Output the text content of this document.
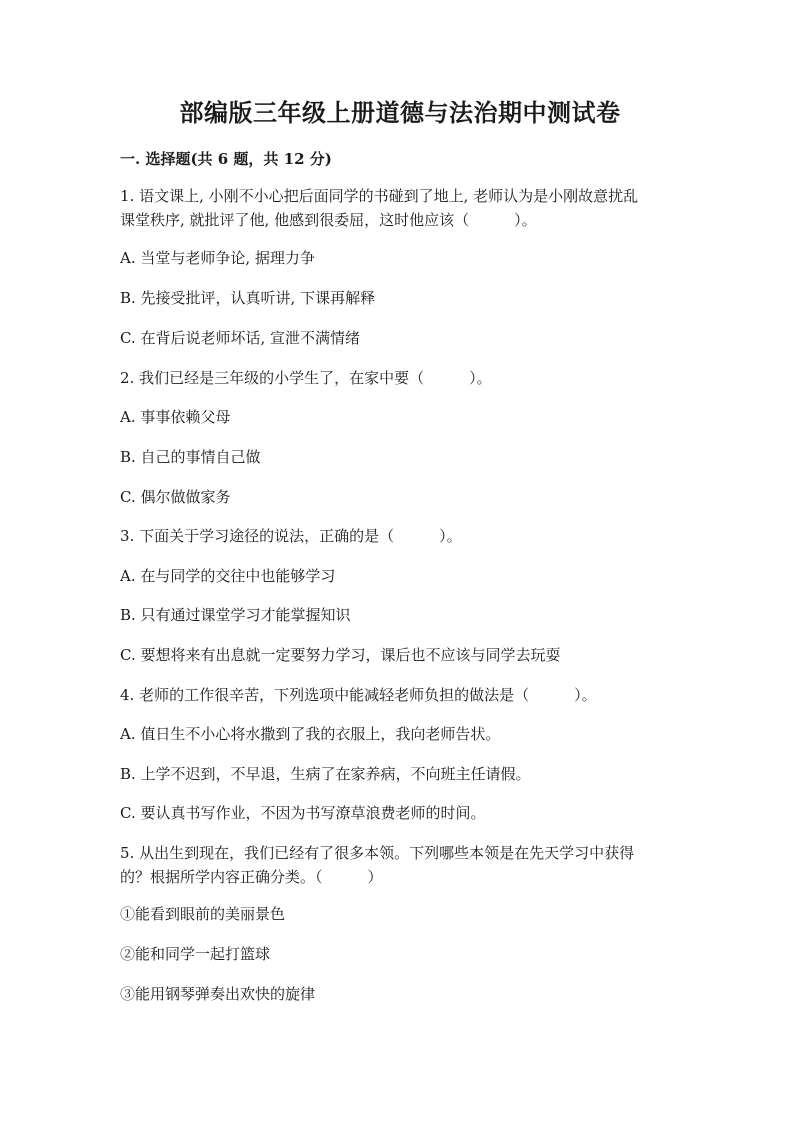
部编版三年级上册道德与法治期中测试卷
一. 选择题(共 6 题，共 12 分)
1. 语文课上, 小刚不小心把后面同学的书碰到了地上, 老师认为是小刚故意扰乱
课堂秩序, 就批评了他, 他感到很委屈，这时他应该（　　　）。
A. 当堂与老师争论, 据理力争
B. 先接受批评，认真听讲, 下课再解释
C. 在背后说老师坏话, 宣泄不满情绪
2. 我们已经是三年级的小学生了，在家中要（　　　）。
A. 事事依赖父母
B. 自己的事情自己做
C. 偶尔做做家务
3. 下面关于学习途径的说法，正确的是（　　　）。
A. 在与同学的交往中也能够学习
B. 只有通过课堂学习才能掌握知识
C. 要想将来有出息就一定要努力学习，课后也不应该与同学去玩耍
4. 老师的工作很辛苦，下列选项中能减轻老师负担的做法是（　　　）。
A. 值日生不小心将水撒到了我的衣服上，我向老师告状。
B. 上学不迟到，不早退，生病了在家养病，不向班主任请假。
C. 要认真书写作业，不因为书写潦草浪费老师的时间。
5. 从出生到现在，我们已经有了很多本领。下列哪些本领是在先天学习中获得
的？根据所学内容正确分类。（　　　）
①能看到眼前的美丽景色
②能和同学一起打篮球
③能用钢琴弹奏出欢快的旋律
